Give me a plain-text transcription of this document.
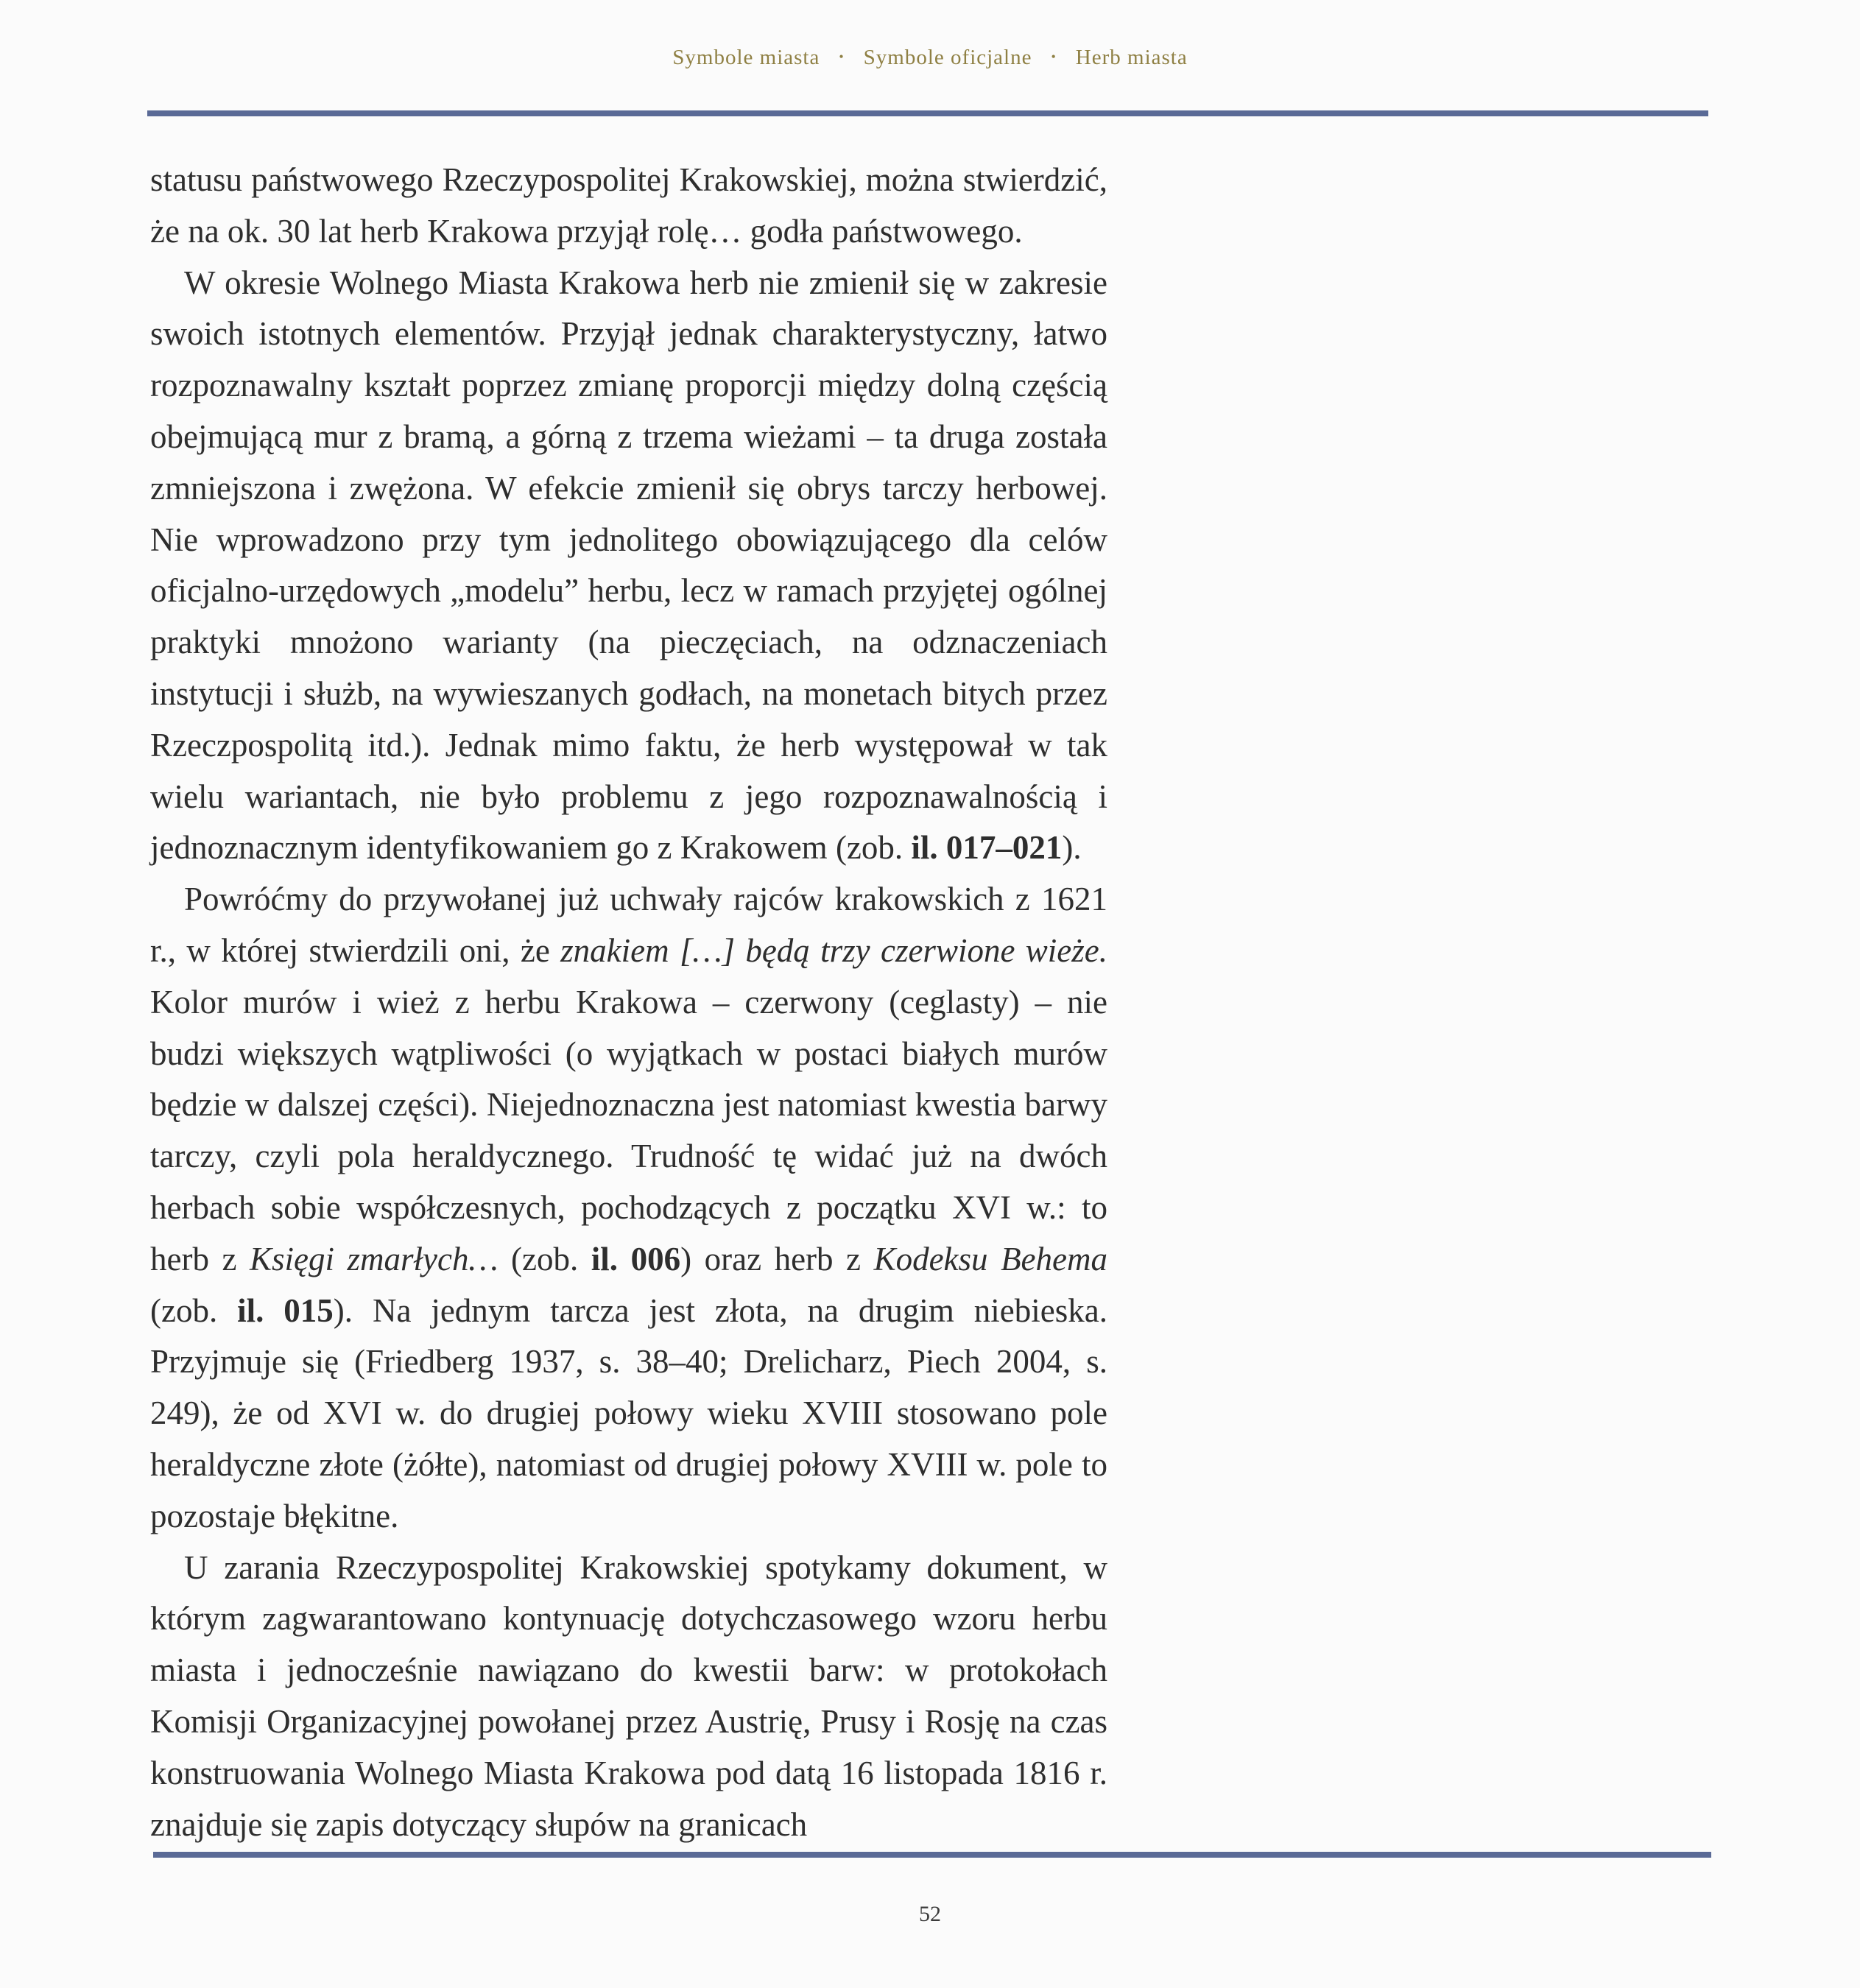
Symbole miasta • Symbole oficjalne • Herb miasta

statusu państwowego Rzeczypospolitej Krakowskiej, można stwierdzić, że na ok. 30 lat herb Krakowa przyjął rolę… godła państwowego.

W okresie Wolnego Miasta Krakowa herb nie zmienił się w zakresie swoich istotnych elementów. Przyjął jednak charakterystyczny, łatwo rozpoznawalny kształt poprzez zmianę proporcji między dolną częścią obejmującą mur z bramą, a górną z trzema wieżami – ta druga została zmniejszona i zwężona. W efekcie zmienił się obrys tarczy herbowej. Nie wprowadzono przy tym jednolitego obowiązującego dla celów oficjalno-urzędowych „modelu” herbu, lecz w ramach przyjętej ogólnej praktyki mnożono warianty (na pieczęciach, na odznaczeniach instytucji i służb, na wywieszanych godłach, na monetach bitych przez Rzeczpospolitą itd.). Jednak mimo faktu, że herb występował w tak wielu wariantach, nie było problemu z jego rozpoznawalnością i jednoznacznym identyfikowaniem go z Krakowem (zob. il. 017–021).

Powróćmy do przywołanej już uchwały rajców krakowskich z 1621 r., w której stwierdzili oni, że znakiem […] będą trzy czerwione wieże. Kolor murów i wież z herbu Krakowa – czerwony (ceglasty) – nie budzi większych wątpliwości (o wyjątkach w postaci białych murów będzie w dalszej części). Niejednoznaczna jest natomiast kwestia barwy tarczy, czyli pola heraldycznego. Trudność tę widać już na dwóch herbach sobie współczesnych, pochodzących z początku XVI w.: to herb z Księgi zmarłych… (zob. il. 006) oraz herb z Kodeksu Behema (zob. il. 015). Na jednym tarcza jest złota, na drugim niebieska. Przyjmuje się (Friedberg 1937, s. 38–40; Drelicharz, Piech 2004, s. 249), że od XVI w. do drugiej połowy wieku XVIII stosowano pole heraldyczne złote (żółte), natomiast od drugiej połowy XVIII w. pole to pozostaje błękitne.

U zarania Rzeczypospolitej Krakowskiej spotykamy dokument, w którym zagwarantowano kontynuację dotychczasowego wzoru herbu miasta i jednocześnie nawiązano do kwestii barw: w protokołach Komisji Organizacyjnej powołanej przez Austrię, Prusy i Rosję na czas konstruowania Wolnego Miasta Krakowa pod datą 16 listopada 1816 r. znajduje się zapis dotyczący słupów na granicach

52
